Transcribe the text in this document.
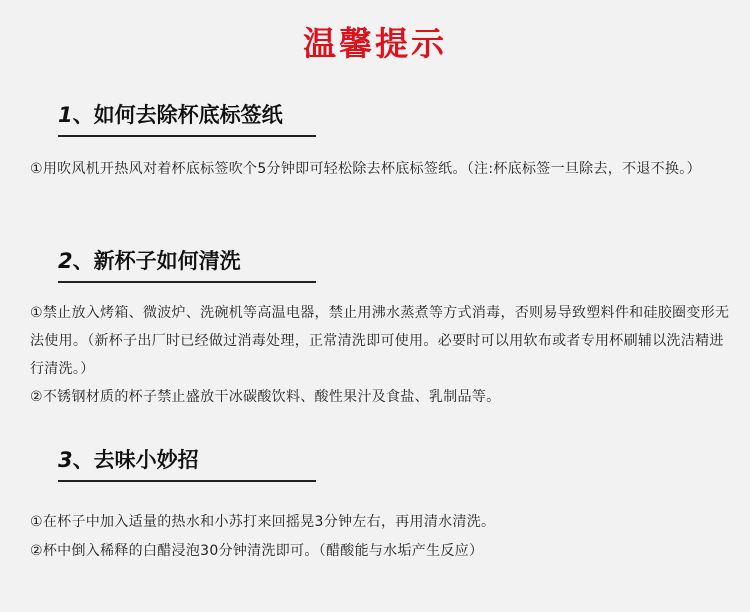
温馨提示
1、如何去除杯底标签纸
①用吹风机开热风对着杯底标签吹个5分钟即可轻松除去杯底标签纸。（注:杯底标签一旦除去，不退不换。）
2、新杯子如何清洗
①禁止放入烤箱、微波炉、洗碗机等高温电器，禁止用沸水蒸煮等方式消毒，否则易导致塑料件和硅胶圈变形无法使用。（新杯子出厂时已经做过消毒处理，正常清洗即可使用。必要时可以用软布或者专用杯刷辅以洗洁精进行清洗。）
②不锈钢材质的杯子禁止盛放干冰碳酸饮料、酸性果汁及食盐、乳制品等。
3、去味小妙招
①在杯子中加入适量的热水和小苏打来回摇晃3分钟左右，再用清水清洗。
②杯中倒入稀释的白醋浸泡30分钟清洗即可。（醋酸能与水垢产生反应）
